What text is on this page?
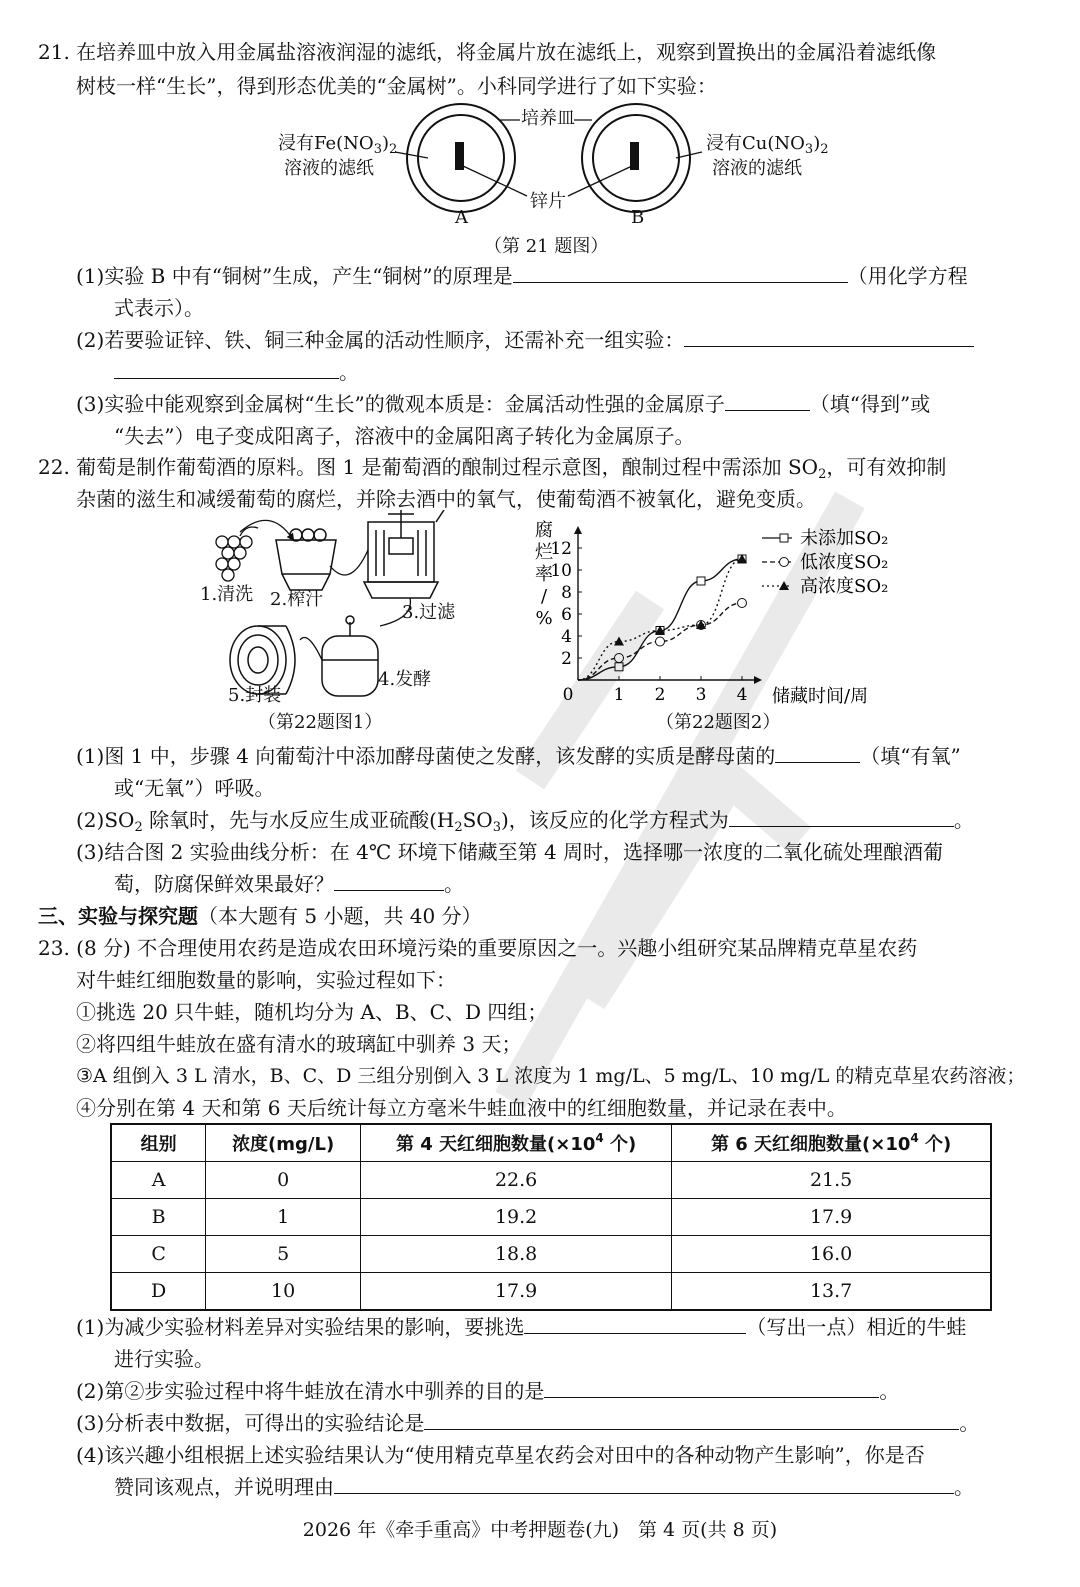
21. 在培养皿中放入用金属盐溶液润湿的滤纸，将金属片放在滤纸上，观察到置换出的金属沿着滤纸像
树枝一样“生长”，得到形态优美的“金属树”。小科同学进行了如下实验：
浸有$Fe(NO_3)_2$
溶液的滤纸
浸有$Cu(NO_3)_2$
溶液的滤纸
培养皿
锌片
A	B
（第 21 题图）
(1)实验 B 中有“铜树”生成，产生“铜树”的原理是	（用化学方程
式表示）。
(2)若要验证锌、铁、铜三种金属的活动性顺序，还需补充一组实验：
。
(3)实验中能观察到金属树“生长”的微观本质是：金属活动性强的金属原子	（填“得到”或
“失去”）电子变成阳离子，溶液中的金属阳离子转化为金属原子。
22. 葡萄是制作葡萄酒的原料。图 1 是葡萄酒的酿制过程示意图，酿制过程中需添加 $SO_2$，可有效抑制
杂菌的滋生和减缓葡萄的腐烂，并除去酒中的氧气，使葡萄酒不被氧化，避免变质。
1.清洗 2.榨汁
3.过滤
4.发酵
5.封装
（第22题图1）
0 1 2 3 4
2
4
6
8
10
12
腐
烂
率
/
%
储藏时间/周
未添加SO₂
低浓度SO₂
高浓度SO₂
（第22题图2）
(1)图 1 中，步骤 4 向葡萄汁中添加酵母菌使之发酵，该发酵的实质是酵母菌的	（填“有氧”
或“无氧”）呼吸。
$(2)SO_2$ 除氧时，先与水反应生成亚硫酸$(H_2SO_3)$，该反应的化学方程式为	。
(3)结合图 2 实验曲线分析：在 4℃ 环境下储藏至第 4 周时，选择哪一浓度的二氧化硫处理酿酒葡
萄，防腐保鲜效果最好？	。
三、实验与探究题（本大题有 5 小题，共 40 分）
23. (8 分) 不合理使用农药是造成农田环境污染的重要原因之一。兴趣小组研究某品牌精克草星农药
对牛蛙红细胞数量的影响，实验过程如下：
①挑选 20 只牛蛙，随机均分为 A、B、C、D 四组；
②将四组牛蛙放在盛有清水的玻璃缸中驯养 3 天；
③A 组倒入 3 L 清水，B、C、D 三组分别倒入 3 L 浓度为 1 mg/L、5 mg/L、10 mg/L 的精克草星农药溶液；
④分别在第 4 天和第 6 天后统计每立方毫米牛蛙血液中的红细胞数量，并记录在表中。
组别	浓度(mg/L)	第 4 天红细胞数量($\times 10^4$ 个)	第 6 天红细胞数量($\times 10^4$ 个)
A	0	22.6	21.5
B	1	19.2	17.9
C	5	18.8	16.0
D	10	17.9	13.7
(1)为减少实验材料差异对实验结果的影响，要挑选	（写出一点）相近的牛蛙
进行实验。
(2)第②步实验过程中将牛蛙放在清水中驯养的目的是	。
(3)分析表中数据，可得出的实验结论是	。
(4)该兴趣小组根据上述实验结果认为“使用精克草星农药会对田中的各种动物产生影响”，你是否
赞同该观点，并说明理由	。
2026 年《牵手重高》中考押题卷(九)　第 4 页(共 8 页)
